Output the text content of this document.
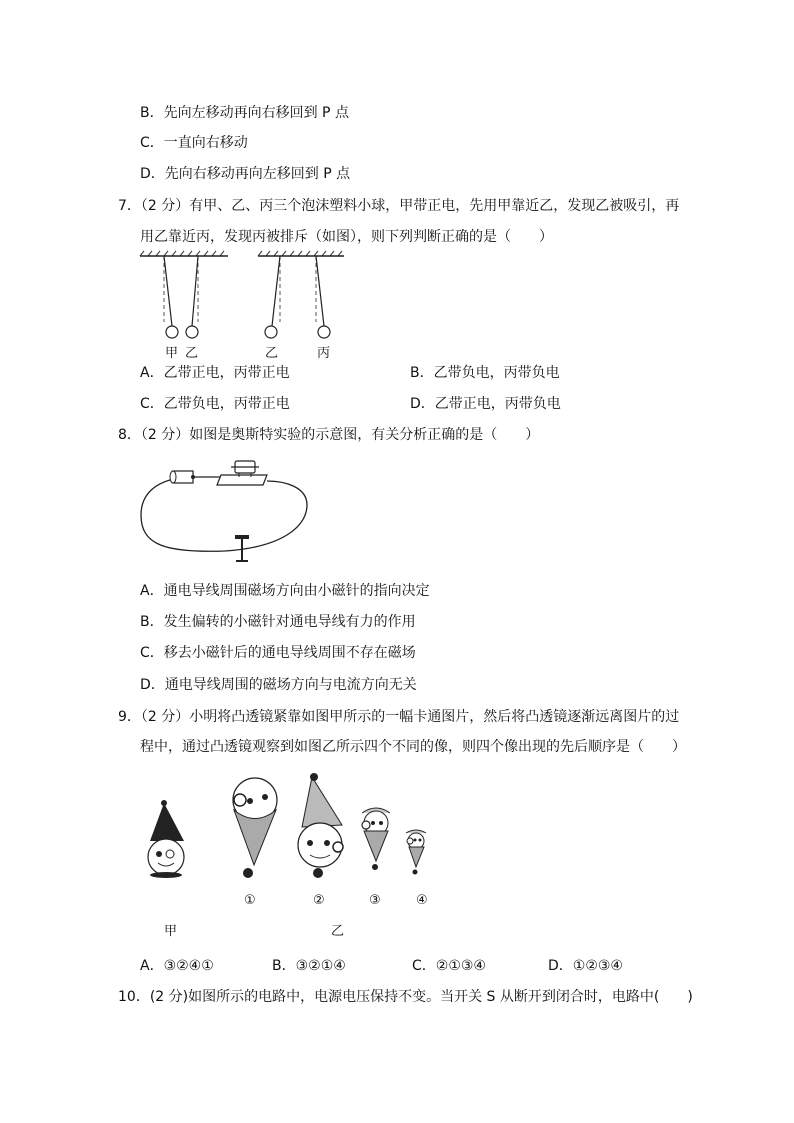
B．先向左移动再向右移回到 P 点
C．一直向右移动
D．先向右移动再向左移回到 P 点
7．（2 分）有甲、乙、丙三个泡沫塑料小球，甲带正电，先用甲靠近乙，发现乙被吸引，再
用乙靠近丙，发现丙被排斥（如图），则下列判断正确的是（　　）
甲 乙	乙	丙
A．乙带正电，丙带正电	B．乙带负电，丙带负电
C．乙带负电，丙带正电	D．乙带正电，丙带负电
8．（2 分）如图是奥斯特实验的示意图，有关分析正确的是（　　）
A．通电导线周围磁场方向由小磁针的指向决定
B．发生偏转的小磁针对通电导线有力的作用
C．移去小磁针后的通电导线周围不存在磁场
D．通电导线周围的磁场方向与电流方向无关
9．（2 分）小明将凸透镜紧靠如图甲所示的一幅卡通图片，然后将凸透镜逐渐远离图片的过
程中，通过凸透镜观察到如图乙所示四个不同的像，则四个像出现的先后顺序是（　　）
①	②	③	④
甲	乙
A．③②④①	B．③②①④	C．②①③④	D．①②③④
10．(2 分)如图所示的电路中，电源电压保持不变。当开关 S 从断开到闭合时，电路中(　　)
